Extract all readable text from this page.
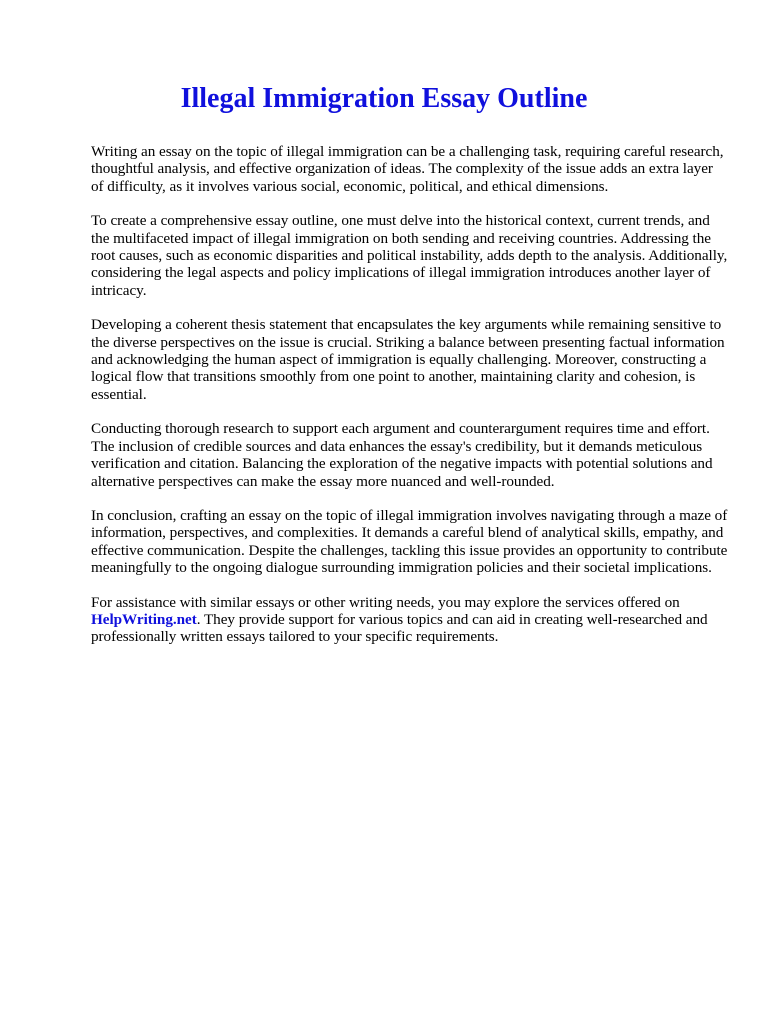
Illegal Immigration Essay Outline

Writing an essay on the topic of illegal immigration can be a challenging task, requiring careful research, thoughtful analysis, and effective organization of ideas. The complexity of the issue adds an extra layer of difficulty, as it involves various social, economic, political, and ethical dimensions.

To create a comprehensive essay outline, one must delve into the historical context, current trends, and the multifaceted impact of illegal immigration on both sending and receiving countries. Addressing the root causes, such as economic disparities and political instability, adds depth to the analysis. Additionally, considering the legal aspects and policy implications of illegal immigration introduces another layer of intricacy.

Developing a coherent thesis statement that encapsulates the key arguments while remaining sensitive to the diverse perspectives on the issue is crucial. Striking a balance between presenting factual information and acknowledging the human aspect of immigration is equally challenging. Moreover, constructing a logical flow that transitions smoothly from one point to another, maintaining clarity and cohesion, is essential.

Conducting thorough research to support each argument and counterargument requires time and effort. The inclusion of credible sources and data enhances the essay's credibility, but it demands meticulous verification and citation. Balancing the exploration of the negative impacts with potential solutions and alternative perspectives can make the essay more nuanced and well-rounded.

In conclusion, crafting an essay on the topic of illegal immigration involves navigating through a maze of information, perspectives, and complexities. It demands a careful blend of analytical skills, empathy, and effective communication. Despite the challenges, tackling this issue provides an opportunity to contribute meaningfully to the ongoing dialogue surrounding immigration policies and their societal implications.

For assistance with similar essays or other writing needs, you may explore the services offered on HelpWriting.net. They provide support for various topics and can aid in creating well-researched and professionally written essays tailored to your specific requirements.
